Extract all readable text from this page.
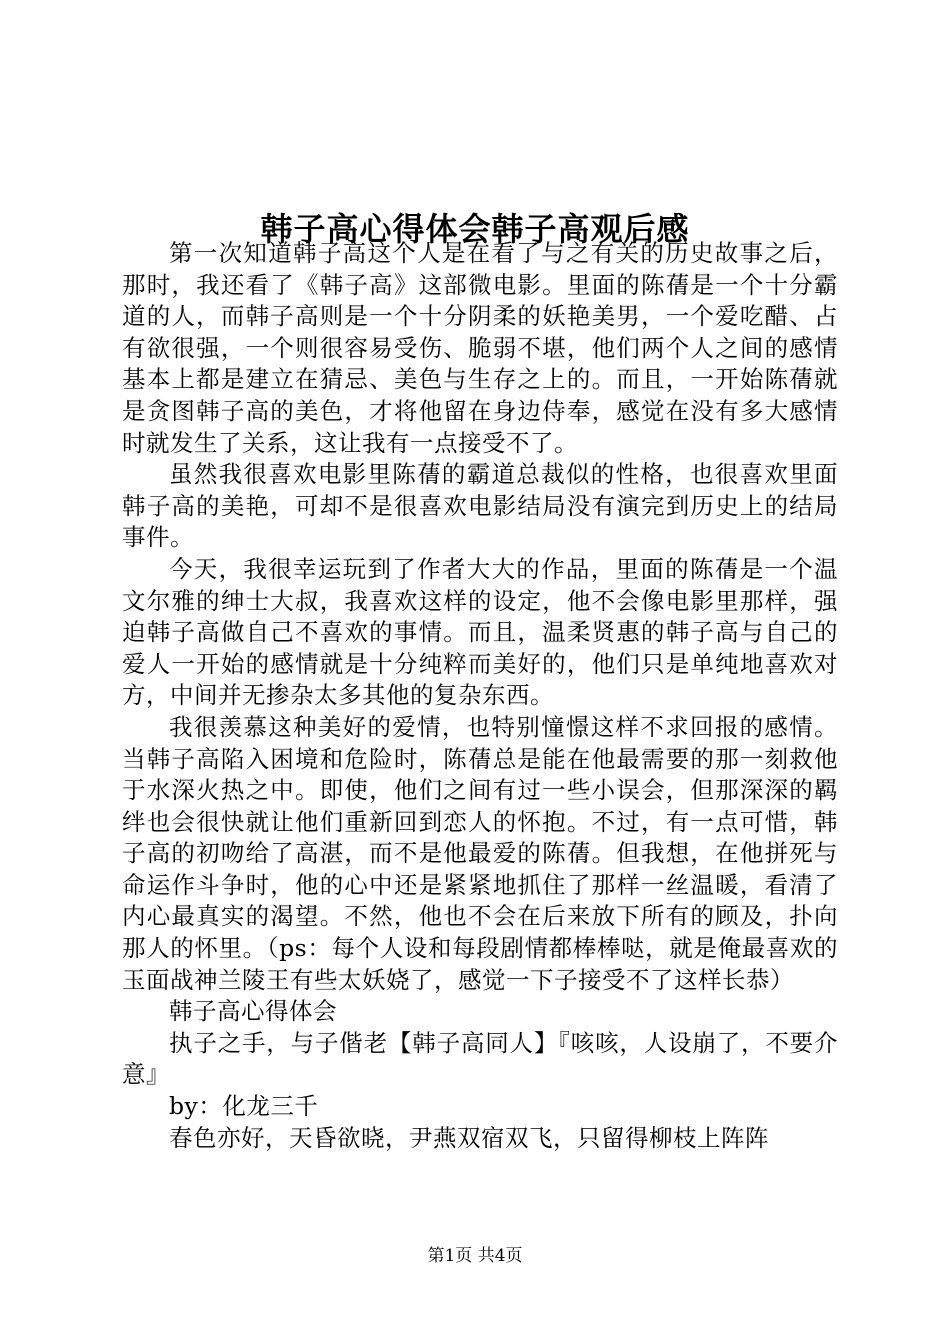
韩子高心得体会韩子高观后感

第一次知道韩子高这个人是在看了与之有关的历史故事之后，那时，我还看了《韩子高》这部微电影。里面的陈蒨是一个十分霸道的人，而韩子高则是一个十分阴柔的妖艳美男，一个爱吃醋、占有欲很强，一个则很容易受伤、脆弱不堪，他们两个人之间的感情基本上都是建立在猜忌、美色与生存之上的。而且，一开始陈蒨就是贪图韩子高的美色，才将他留在身边侍奉，感觉在没有多大感情时就发生了关系，这让我有一点接受不了。

虽然我很喜欢电影里陈蒨的霸道总裁似的性格，也很喜欢里面韩子高的美艳，可却不是很喜欢电影结局没有演完到历史上的结局事件。

今天，我很幸运玩到了作者大大的作品，里面的陈蒨是一个温文尔雅的绅士大叔，我喜欢这样的设定，他不会像电影里那样，强迫韩子高做自己不喜欢的事情。而且，温柔贤惠的韩子高与自己的爱人一开始的感情就是十分纯粹而美好的，他们只是单纯地喜欢对方，中间并无掺杂太多其他的复杂东西。

我很羡慕这种美好的爱情，也特别憧憬这样不求回报的感情。当韩子高陷入困境和危险时，陈蒨总是能在他最需要的那一刻救他于水深火热之中。即使，他们之间有过一些小误会，但那深深的羁绊也会很快就让他们重新回到恋人的怀抱。不过，有一点可惜，韩子高的初吻给了高湛，而不是他最爱的陈蒨。但我想，在他拼死与命运作斗争时，他的心中还是紧紧地抓住了那样一丝温暖，看清了内心最真实的渴望。不然，他也不会在后来放下所有的顾及，扑向那人的怀里。（ps：每个人设和每段剧情都棒棒哒，就是俺最喜欢的玉面战神兰陵王有些太妖娆了，感觉一下子接受不了这样长恭）

韩子高心得体会

执子之手，与子偕老【韩子高同人】『咳咳，人设崩了，不要介意』

by：化龙三千

春色亦好，天昏欲晓，尹燕双宿双飞，只留得柳枝上阵阵

第1页 共4页
